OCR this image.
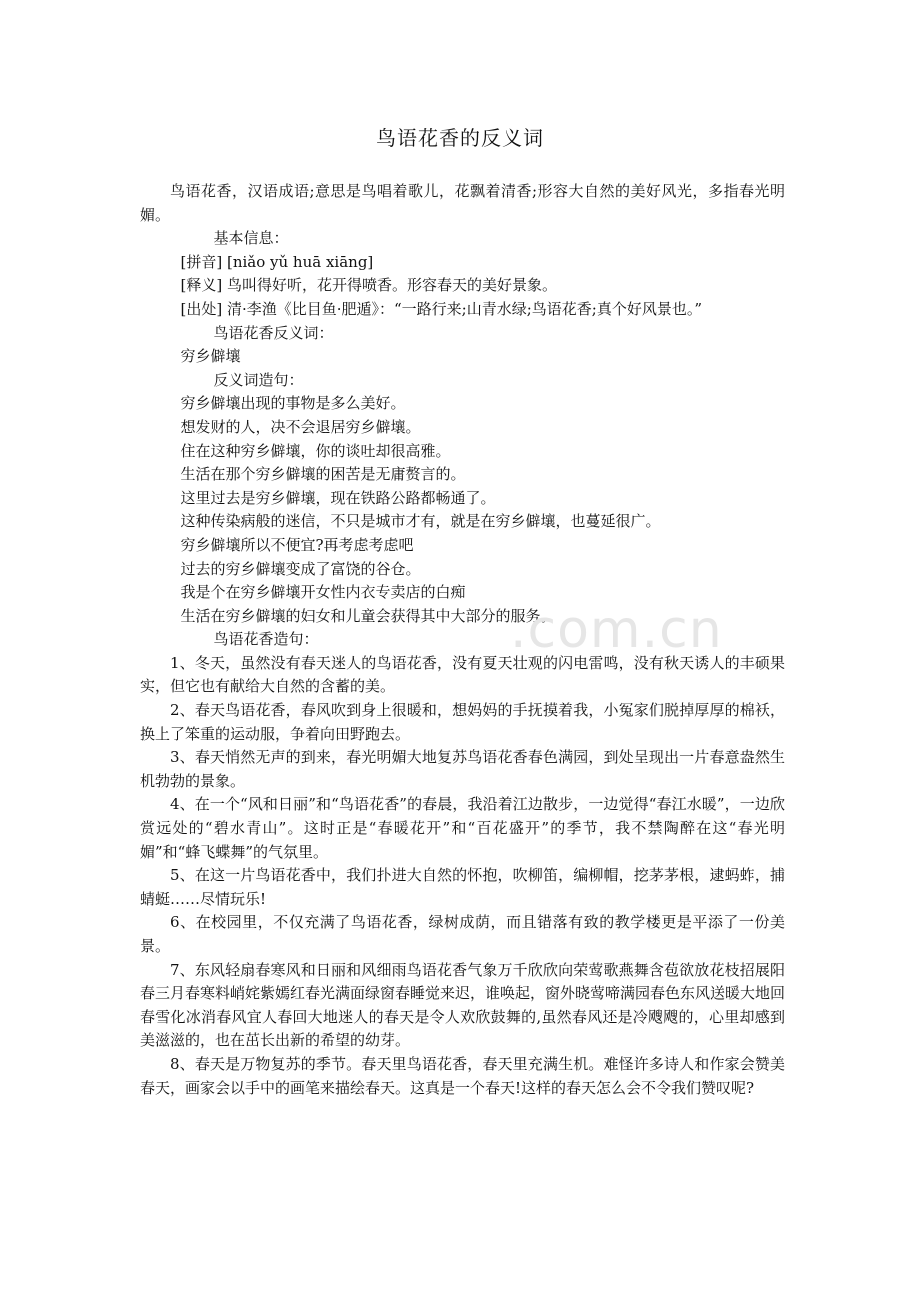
鸟语花香的反义词

鸟语花香，汉语成语;意思是鸟唱着歌儿，花飘着清香;形容大自然的美好风光，多指春光明媚。

基本信息：

[拼音] [niǎo yǔ huā xiāng]

[释义] 鸟叫得好听，花开得喷香。形容春天的美好景象。

[出处] 清·李渔《比目鱼·肥遁》：“一路行来;山青水绿;鸟语花香;真个好风景也。”

鸟语花香反义词：

穷乡僻壤

反义词造句：

穷乡僻壤出现的事物是多么美好。

想发财的人，决不会退居穷乡僻壤。

住在这种穷乡僻壤，你的谈吐却很高雅。

生活在那个穷乡僻壤的困苦是无庸赘言的。

这里过去是穷乡僻壤，现在铁路公路都畅通了。

这种传染病般的迷信，不只是城市才有，就是在穷乡僻壤，也蔓延很广。

穷乡僻壤所以不便宜?再考虑考虑吧

过去的穷乡僻壤变成了富饶的谷仓。

我是个在穷乡僻壤开女性内衣专卖店的白痴

生活在穷乡僻壤的妇女和儿童会获得其中大部分的服务。

鸟语花香造句：

1、冬天，虽然没有春天迷人的鸟语花香，没有夏天壮观的闪电雷鸣，没有秋天诱人的丰硕果实，但它也有献给大自然的含蓄的美。

2、春天鸟语花香，春风吹到身上很暖和，想妈妈的手抚摸着我，小冤家们脱掉厚厚的棉袄，换上了笨重的运动服，争着向田野跑去。

3、春天悄然无声的到来，春光明媚大地复苏鸟语花香春色满园，到处呈现出一片春意盎然生机勃勃的景象。

4、在一个“风和日丽”和“鸟语花香”的春晨，我沿着江边散步，一边觉得“春江水暖”，一边欣赏远处的“碧水青山”。这时正是“春暖花开”和“百花盛开”的季节，我不禁陶醉在这“春光明媚”和“蜂飞蝶舞”的气氛里。

5、在这一片鸟语花香中，我们扑进大自然的怀抱，吹柳笛，编柳帽，挖茅茅根，逮蚂蚱，捕蜻蜓……尽情玩乐!

6、在校园里，不仅充满了鸟语花香，绿树成荫，而且错落有致的教学楼更是平添了一份美景。

7、东风轻扇春寒风和日丽和风细雨鸟语花香气象万千欣欣向荣莺歌燕舞含苞欲放花枝招展阳春三月春寒料峭姹紫嫣红春光满面绿窗春睡觉来迟，谁唤起，窗外晓莺啼满园春色东风送暖大地回春雪化冰消春风宜人春回大地迷人的春天是令人欢欣鼓舞的,虽然春风还是冷飕飕的，心里却感到美滋滋的，也在茁长出新的希望的幼芽。

8、春天是万物复苏的季节。春天里鸟语花香，春天里充满生机。难怪许多诗人和作家会赞美春天，画家会以手中的画笔来描绘春天。这真是一个春天!这样的春天怎么会不令我们赞叹呢?

.com.cn
